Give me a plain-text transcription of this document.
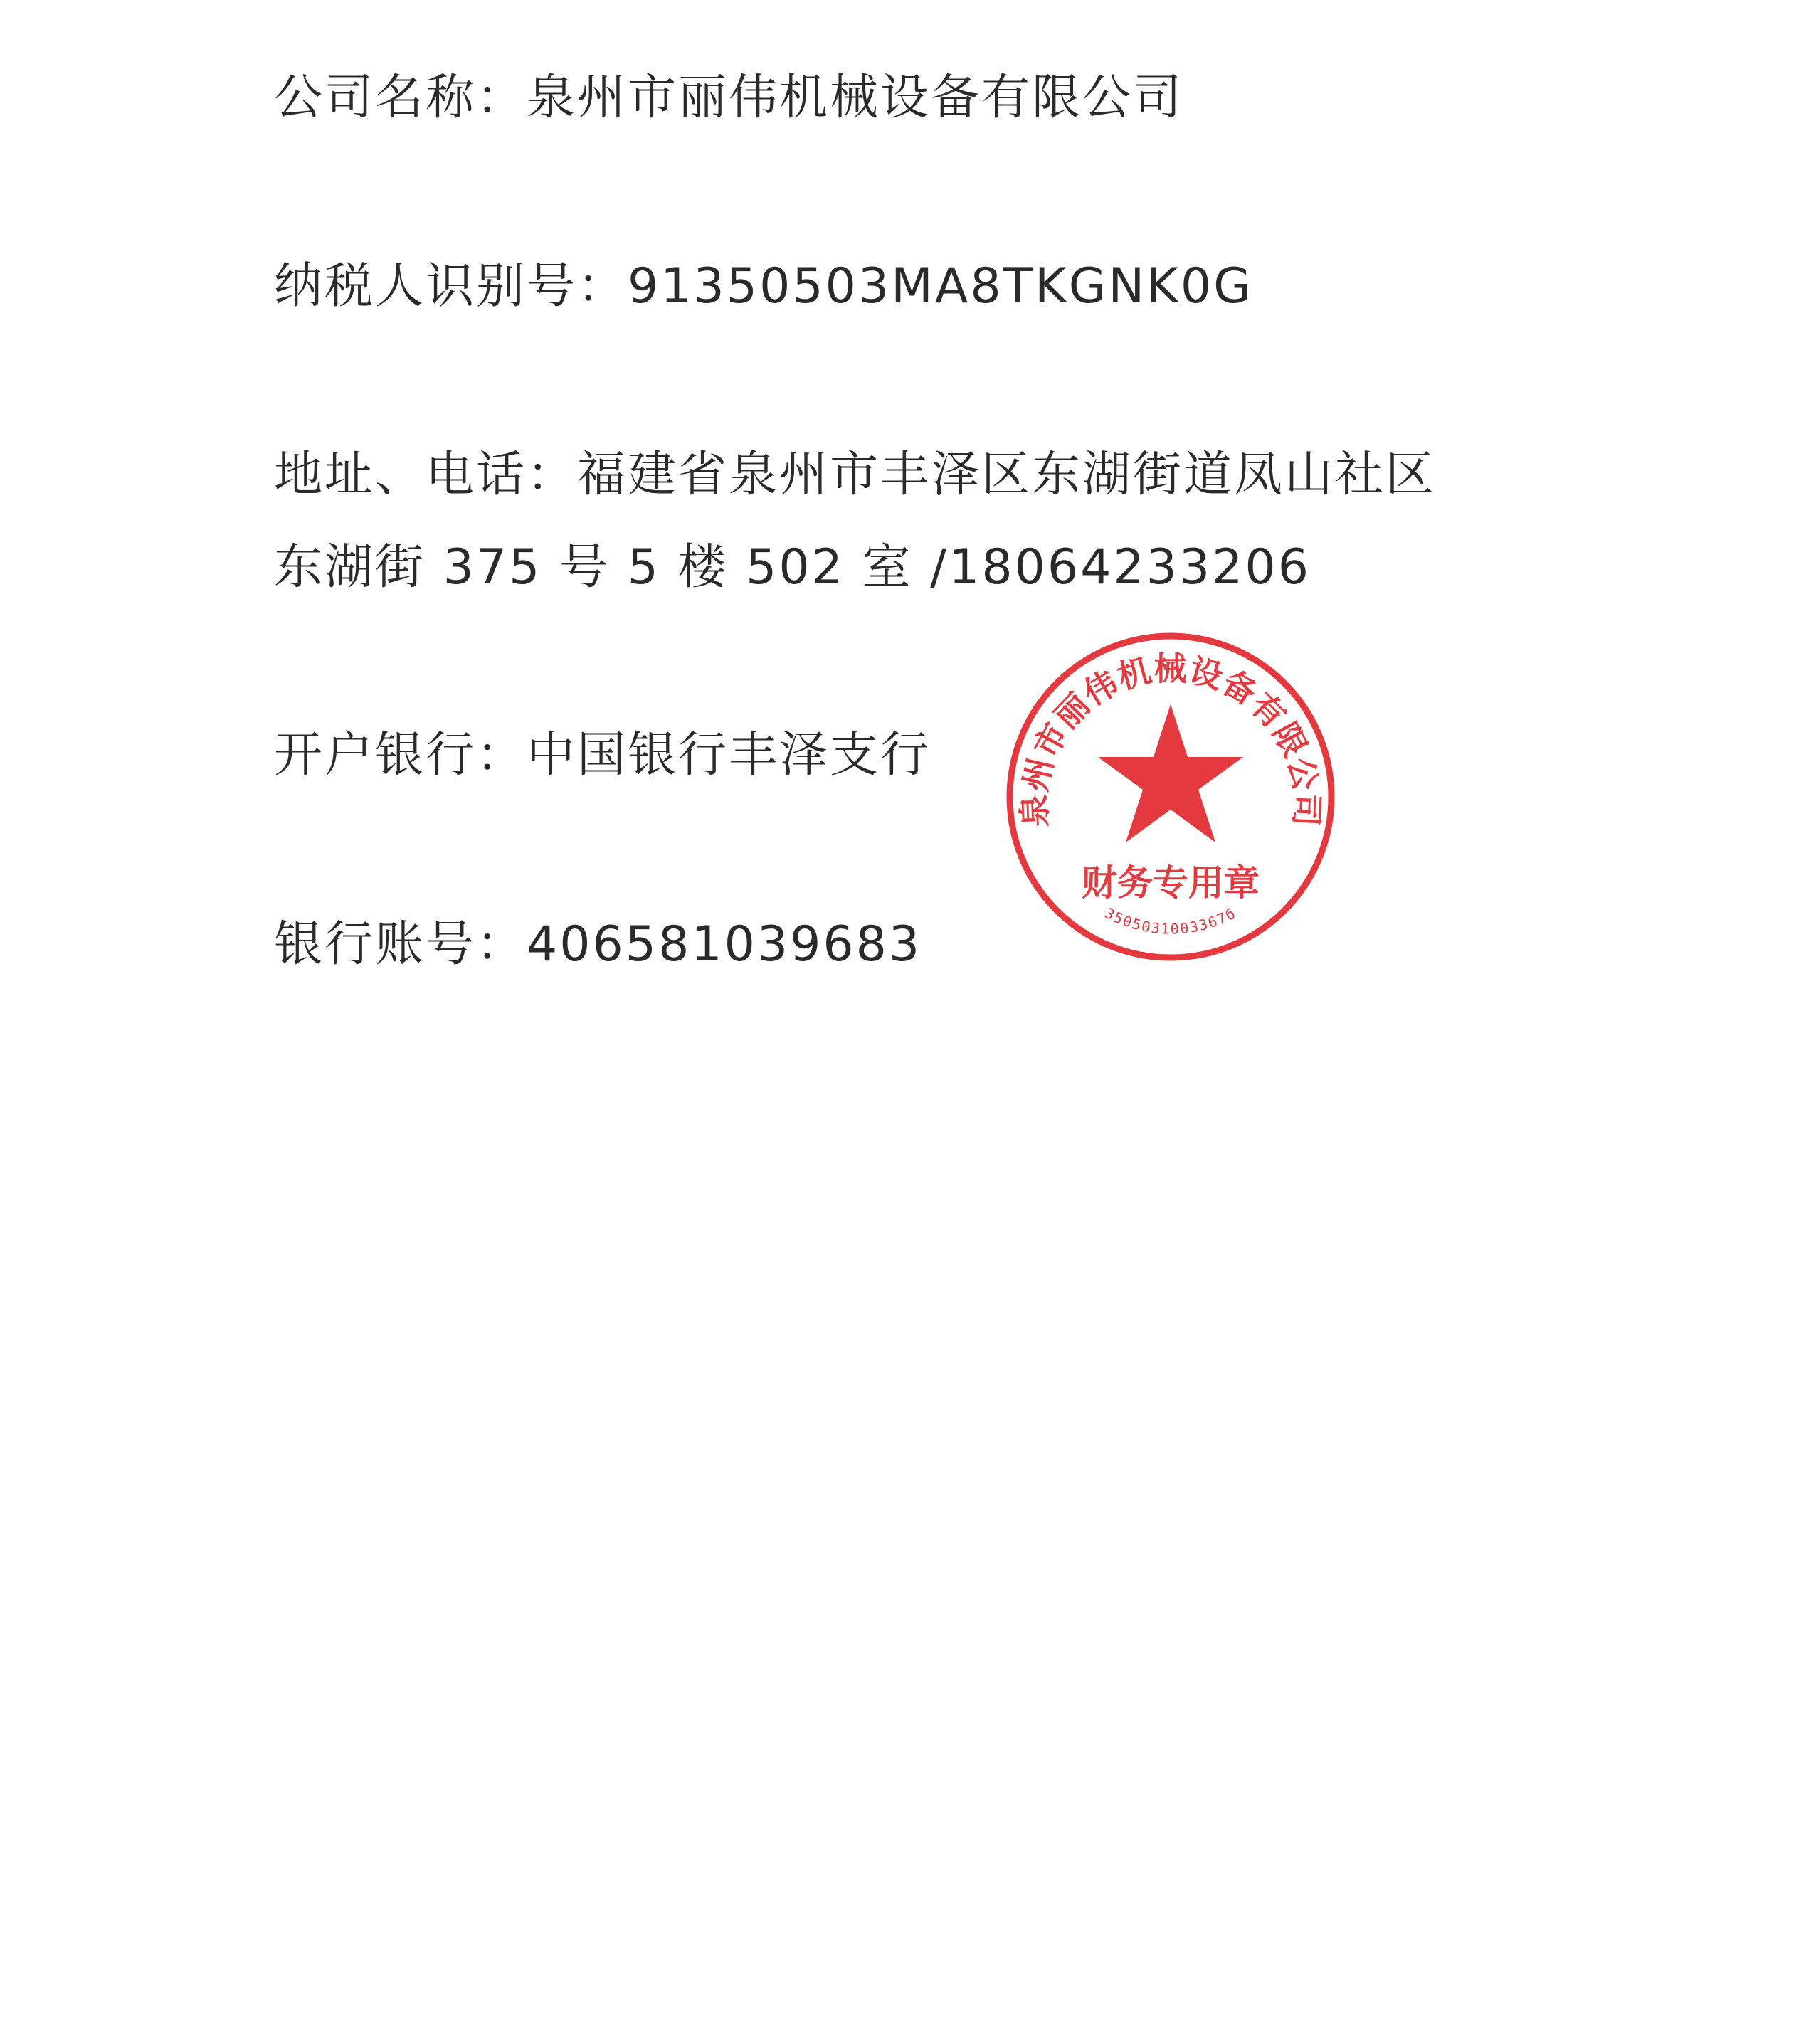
公司名称：泉州市丽伟机械设备有限公司
纳税人识别号：91350503MA8TKGNK0G
地址、电话：福建省泉州市丰泽区东湖街道凤山社区
东湖街 375 号 5 楼 502 室 /18064233206
开户银行：中国银行丰泽支行
银行账号：406581039683
泉州市丽伟机械设备有限公司
财务专用章
3505031003367б
